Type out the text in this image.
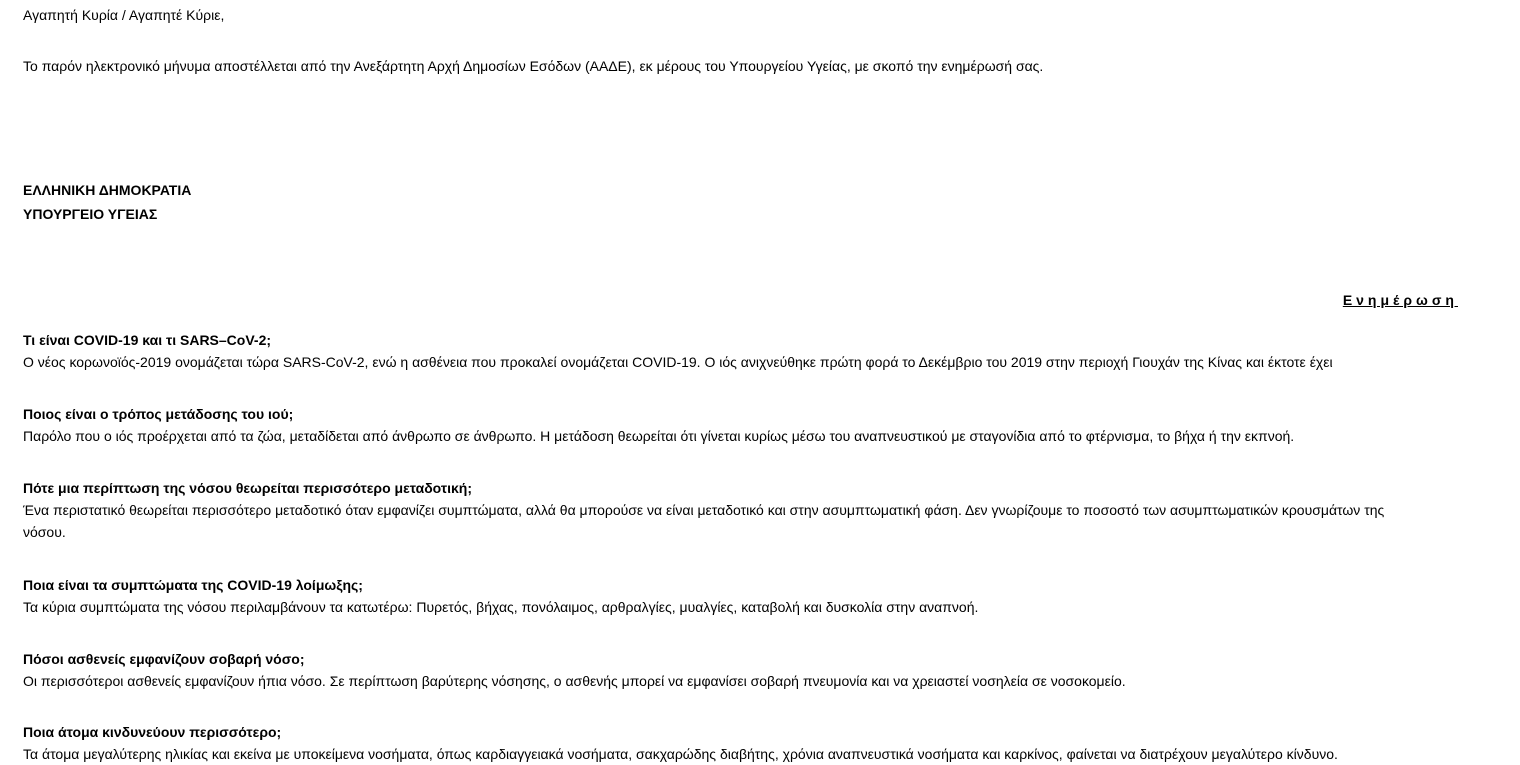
Αγαπητή Κυρία / Αγαπητέ Κύριε,
Το παρόν ηλεκτρονικό μήνυμα αποστέλλεται από την Ανεξάρτητη Αρχή Δημοσίων Εσόδων (ΑΑΔΕ), εκ μέρους του Υπουργείου Υγείας, με σκοπό την ενημέρωσή σας.
ΕΛΛΗΝΙΚΗ ΔΗΜΟΚΡΑΤΙΑ
ΥΠΟΥΡΓΕΙΟ ΥΓΕΙΑΣ
Ενημέρωση
Τι είναι COVID-19 και τι SARS–CoV-2;
Ο νέος κορωνοϊός-2019 ονομάζεται τώρα SARS-CoV-2, ενώ η ασθένεια που προκαλεί ονομάζεται COVID-19. Ο ιός ανιχνεύθηκε πρώτη φορά το Δεκέμβριο του 2019 στην περιοχή Γιουχάν της Κίνας και έκτοτε έχει
Ποιος είναι ο τρόπος μετάδοσης του ιού;
Παρόλο που ο ιός προέρχεται από τα ζώα, μεταδίδεται από άνθρωπο σε άνθρωπο. Η μετάδοση θεωρείται ότι γίνεται κυρίως μέσω του αναπνευστικού με σταγονίδια από το φτέρνισμα, το βήχα ή την εκπνοή.
Πότε μια περίπτωση της νόσου θεωρείται περισσότερο μεταδοτική;
Ένα περιστατικό θεωρείται περισσότερο μεταδοτικό όταν εμφανίζει συμπτώματα, αλλά θα μπορούσε να είναι μεταδοτικό και στην ασυμπτωματική φάση. Δεν γνωρίζουμε το ποσοστό των ασυμπτωματικών κρουσμάτων της
νόσου.
Ποια είναι τα συμπτώματα της COVID-19 λοίμωξης;
Τα κύρια συμπτώματα της νόσου περιλαμβάνουν τα κατωτέρω: Πυρετός, βήχας, πονόλαιμος, αρθραλγίες, μυαλγίες, καταβολή και δυσκολία στην αναπνοή.
Πόσοι ασθενείς εμφανίζουν σοβαρή νόσο;
Οι περισσότεροι ασθενείς εμφανίζουν ήπια νόσο. Σε περίπτωση βαρύτερης νόσησης, ο ασθενής μπορεί να εμφανίσει σοβαρή πνευμονία και να χρειαστεί νοσηλεία σε νοσοκομείο.
Ποια άτομα κινδυνεύουν περισσότερο;
Τα άτομα μεγαλύτερης ηλικίας και εκείνα με υποκείμενα νοσήματα, όπως καρδιαγγειακά νοσήματα, σακχαρώδης διαβήτης, χρόνια αναπνευστικά νοσήματα και καρκίνος, φαίνεται να διατρέχουν μεγαλύτερο κίνδυνο.
